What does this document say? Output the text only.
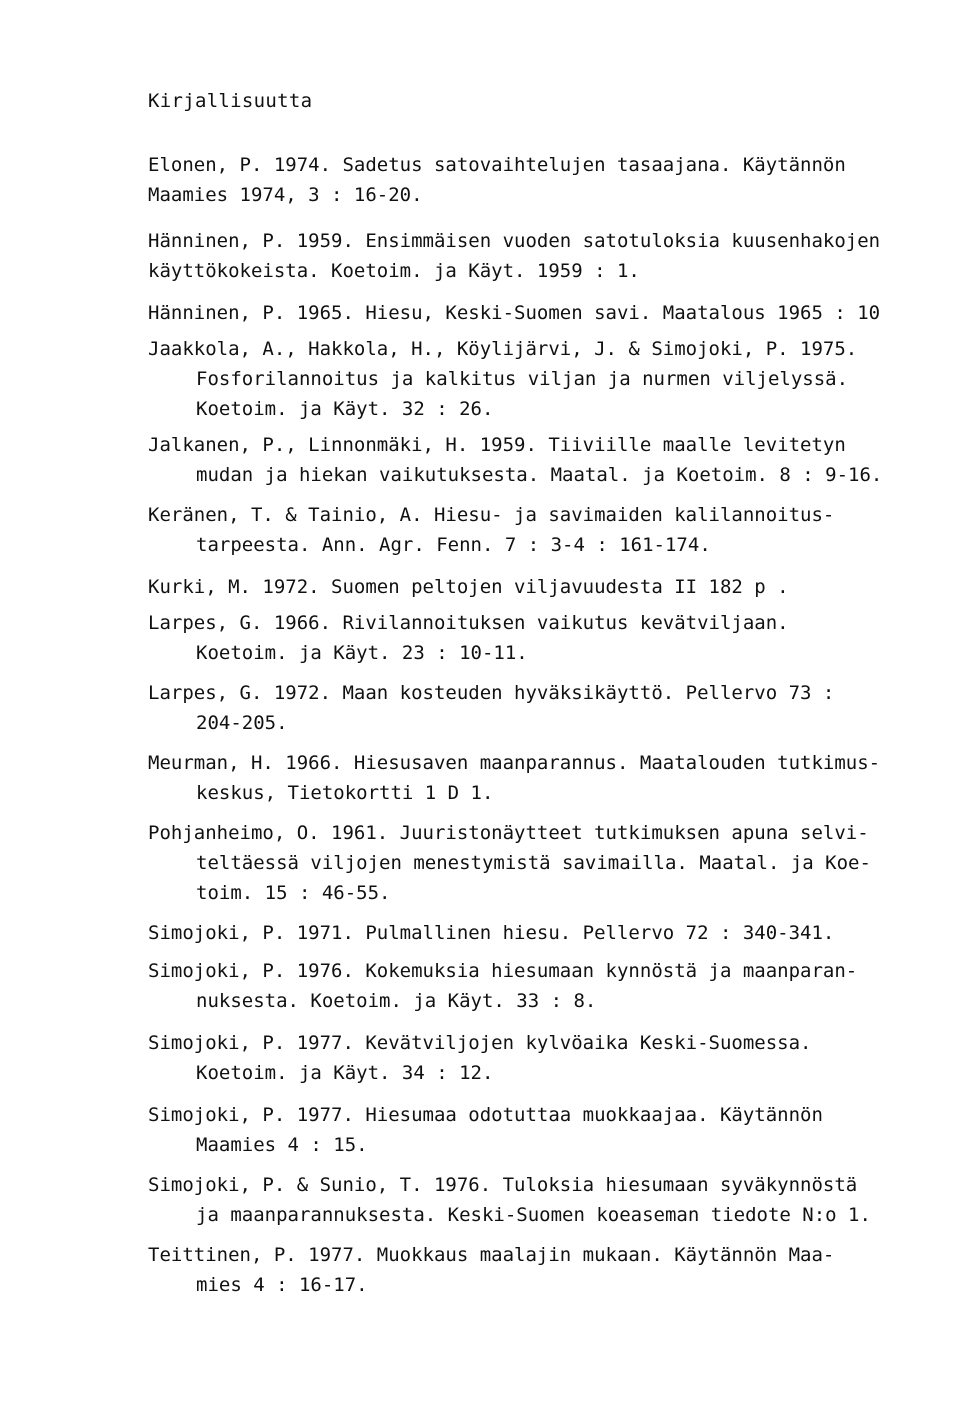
Kirjallisuutta
Elonen, P. 1974. Sadetus satovaihtelujen tasaajana. Käytännön
Maamies 1974, 3 : 16-20.
Hänninen, P. 1959. Ensimmäisen vuoden satotuloksia kuusenhakojen
käyttökokeista. Koetoim. ja Käyt. 1959 : 1.
Hänninen, P. 1965. Hiesu, Keski-Suomen savi. Maatalous 1965 : 10
Jaakkola, A., Hakkola, H., Köylijärvi, J. & Simojoki, P. 1975.
Fosforilannoitus ja kalkitus viljan ja nurmen viljelyssä.
Koetoim. ja Käyt. 32 : 26.
Jalkanen, P., Linnonmäki, H. 1959. Tiiviille maalle levitetyn
mudan ja hiekan vaikutuksesta. Maatal. ja Koetoim. 8 : 9-16.
Keränen, T. & Tainio, A. Hiesu- ja savimaiden kalilannoitus-
tarpeesta. Ann. Agr. Fenn. 7 : 3-4 : 161-174.
Kurki, M. 1972. Suomen peltojen viljavuudesta II 182 p .
Larpes, G. 1966. Rivilannoituksen vaikutus kevätviljaan.
Koetoim. ja Käyt. 23 : 10-11.
Larpes, G. 1972. Maan kosteuden hyväksikäyttö. Pellervo 73 :
204-205.
Meurman, H. 1966. Hiesusaven maanparannus. Maatalouden tutkimus-
keskus, Tietokortti 1 D 1.
Pohjanheimo, O. 1961. Juuristonäytteet tutkimuksen apuna selvi-
teltäessä viljojen menestymistä savimailla. Maatal. ja Koe-
toim. 15 : 46-55.
Simojoki, P. 1971. Pulmallinen hiesu. Pellervo 72 : 340-341.
Simojoki, P. 1976. Kokemuksia hiesumaan kynnöstä ja maanparan-
nuksesta. Koetoim. ja Käyt. 33 : 8.
Simojoki, P. 1977. Kevätviljojen kylvöaika Keski-Suomessa.
Koetoim. ja Käyt. 34 : 12.
Simojoki, P. 1977. Hiesumaa odotuttaa muokkaajaa. Käytännön
Maamies 4 : 15.
Simojoki, P. & Sunio, T. 1976. Tuloksia hiesumaan syväkynnöstä
ja maanparannuksesta. Keski-Suomen koeaseman tiedote N:o 1.
Teittinen, P. 1977. Muokkaus maalajin mukaan. Käytännön Maa-
mies 4 : 16-17.
